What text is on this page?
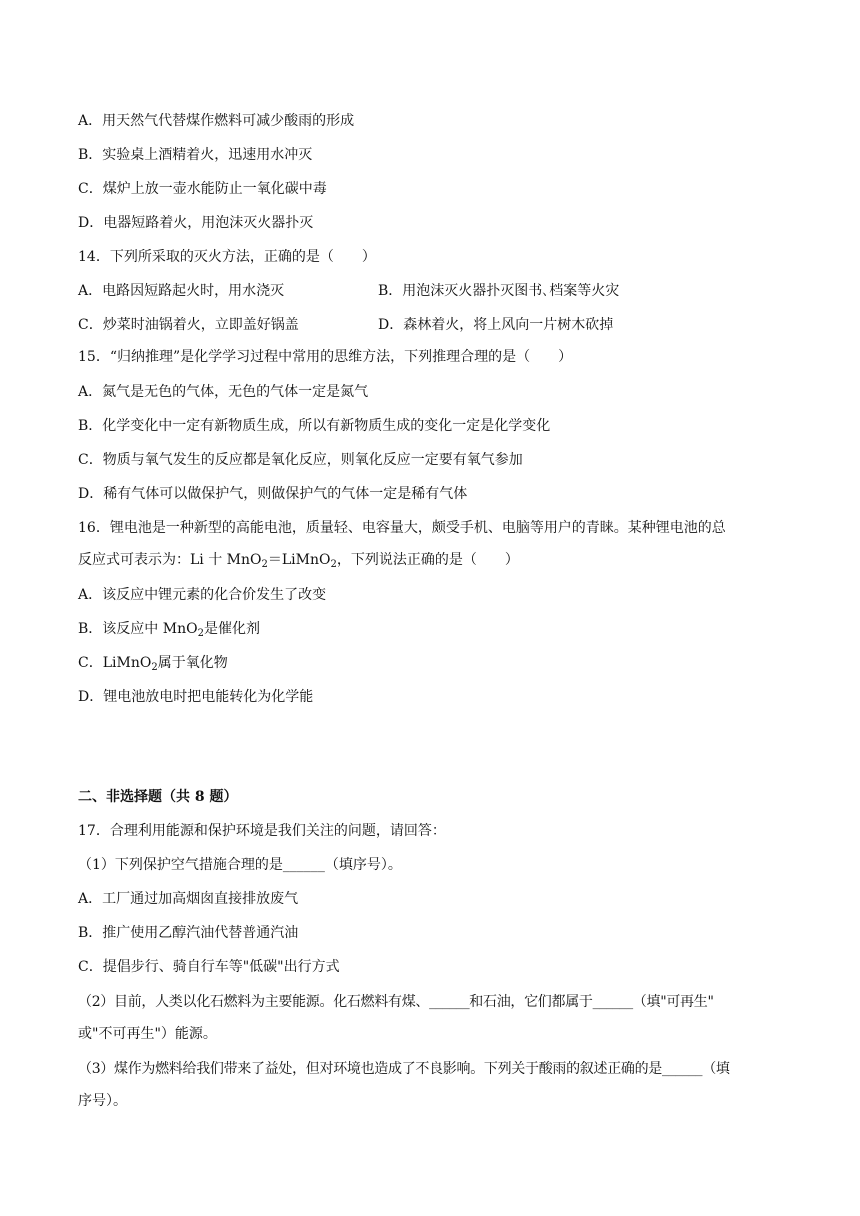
A．用天然气代替煤作燃料可减少酸雨的形成
B．实验桌上酒精着火，迅速用水冲灭
C．煤炉上放一壶水能防止一氧化碳中毒
D．电器短路着火，用泡沫灭火器扑灭
14．下列所采取的灭火方法，正确的是（　　）
A．电路因短路起火时，用水浇灭	B．用泡沫灭火器扑灭图书､档案等火灾
C．炒菜时油锅着火，立即盖好锅盖	D．森林着火，将上风向一片树木砍掉
15．“归纳推理”是化学学习过程中常用的思维方法，下列推理合理的是（　　）
A．氮气是无色的气体，无色的气体一定是氮气
B．化学变化中一定有新物质生成，所以有新物质生成的变化一定是化学变化
C．物质与氧气发生的反应都是氧化反应，则氧化反应一定要有氧气参加
D．稀有气体可以做保护气，则做保护气的气体一定是稀有气体
16．锂电池是一种新型的高能电池，质量轻、电容量大，颇受手机、电脑等用户的青睐。某种锂电池的总
反应式可表示为：Li 十 MnO$_2$＝LiMnO$_2$，下列说法正确的是（　　）
A．该反应中锂元素的化合价发生了改变
B．该反应中 MnO$_2$是催化剂
C．LiMnO$_2$属于氧化物
D．锂电池放电时把电能转化为化学能
二、非选择题（共 8 题）
17．合理利用能源和保护环境是我们关注的问题，请回答：
（1）下列保护空气措施合理的是______（填序号）。
A．工厂通过加高烟囱直接排放废气
B．推广使用乙醇汽油代替普通汽油
C．提倡步行、骑自行车等"低碳"出行方式
（2）目前，人类以化石燃料为主要能源。化石燃料有煤、______和石油，它们都属于______（填"可再生"
或"不可再生"）能源。
（3）煤作为燃料给我们带来了益处，但对环境也造成了不良影响。下列关于酸雨的叙述正确的是______（填
序号）。
